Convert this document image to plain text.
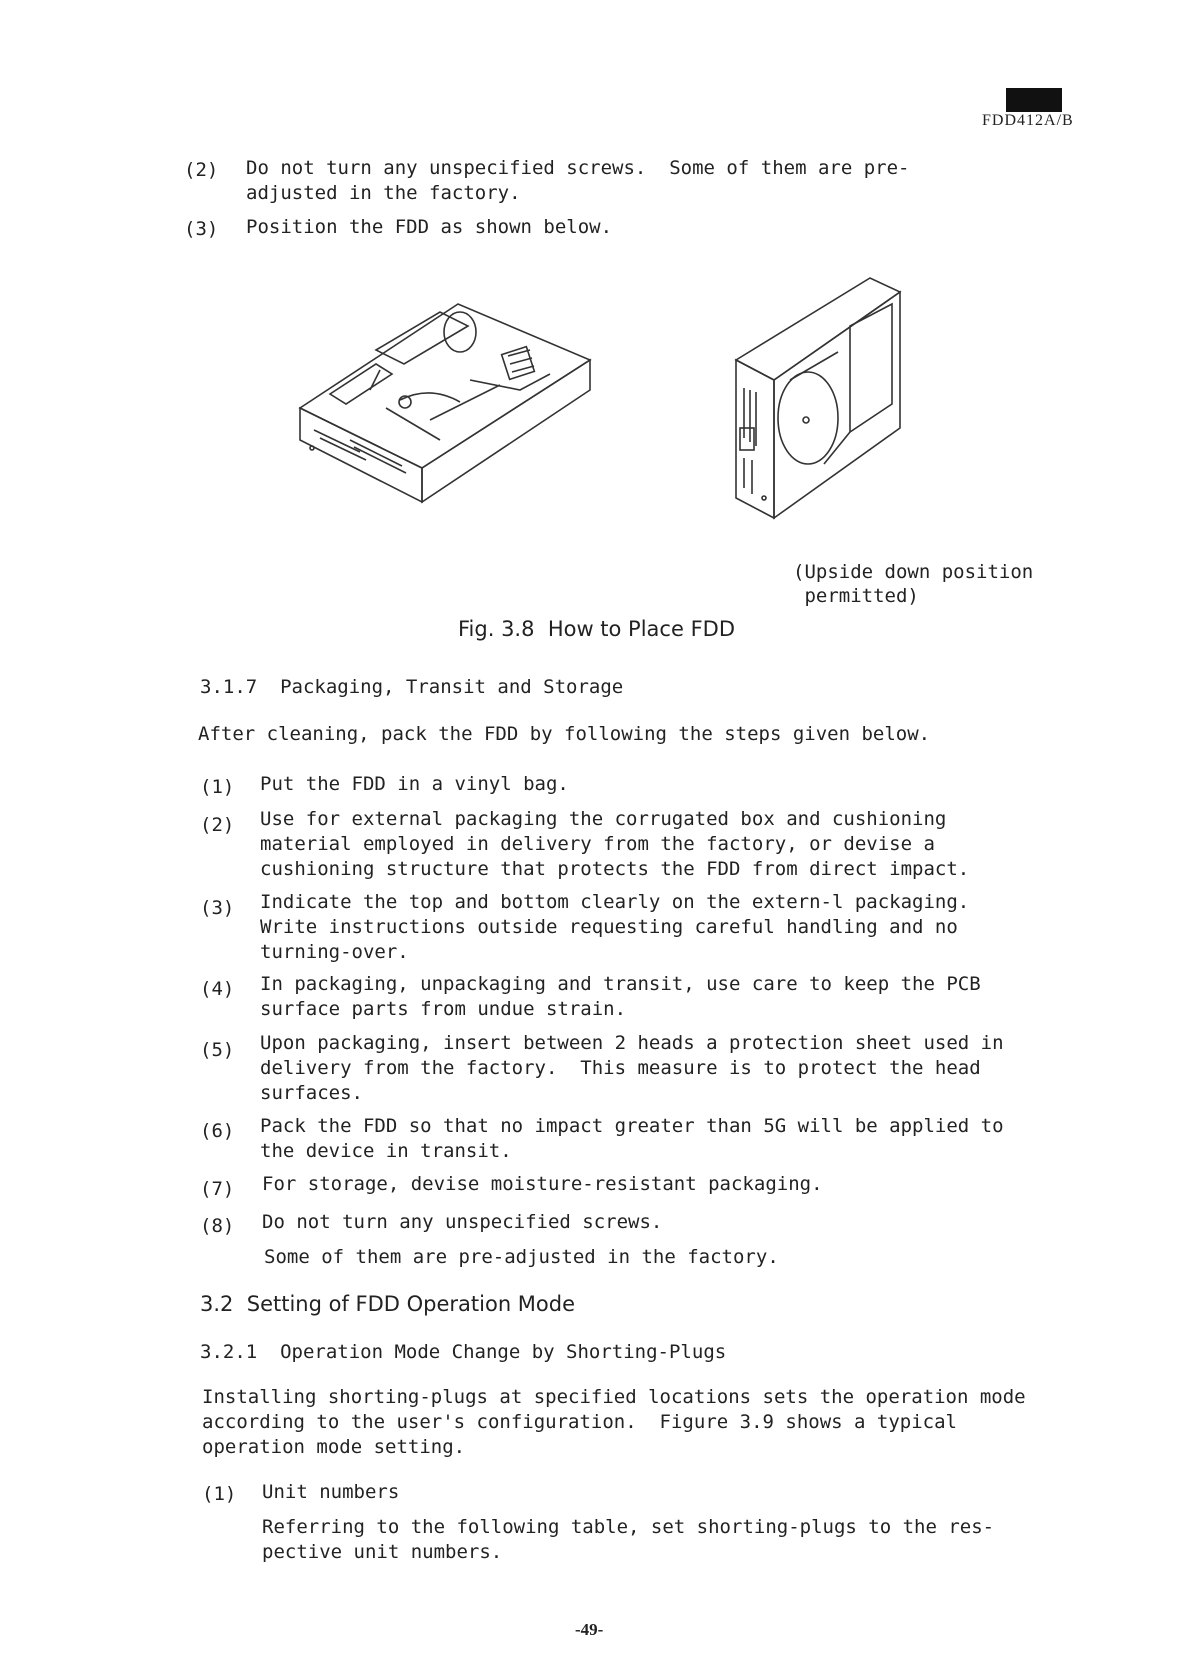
FDD412A/B
(2)	Do not turn any unspecified screws.  Some of them are pre-
adjusted in the factory.
(3)	Position the FDD as shown below.
(Upside down position
permitted)
Fig. 3.8  How to Place FDD
3.1.7  Packaging, Transit and Storage
After cleaning, pack the FDD by following the steps given below.
(1)	Put the FDD in a vinyl bag.
(2)	Use for external packaging the corrugated box and cushioning
material employed in delivery from the factory, or devise a
cushioning structure that protects the FDD from direct impact.
(3)	Indicate the top and bottom clearly on the extern-l packaging.
Write instructions outside requesting careful handling and no
turning-over.
(4)	In packaging, unpackaging and transit, use care to keep the PCB
surface parts from undue strain.
(5)	Upon packaging, insert between 2 heads a protection sheet used in
delivery from the factory.  This measure is to protect the head
surfaces.
(6)	Pack the FDD so that no impact greater than 5G will be applied to
the device in transit.
(7)	For storage, devise moisture-resistant packaging.
(8)	Do not turn any unspecified screws.
Some of them are pre-adjusted in the factory.
3.2  Setting of FDD Operation Mode
3.2.1  Operation Mode Change by Shorting-Plugs
Installing shorting-plugs at specified locations sets the operation mode
according to the user's configuration.  Figure 3.9 shows a typical
operation mode setting.
(1)	Unit numbers
Referring to the following table, set shorting-plugs to the res-
pective unit numbers.
-49-
